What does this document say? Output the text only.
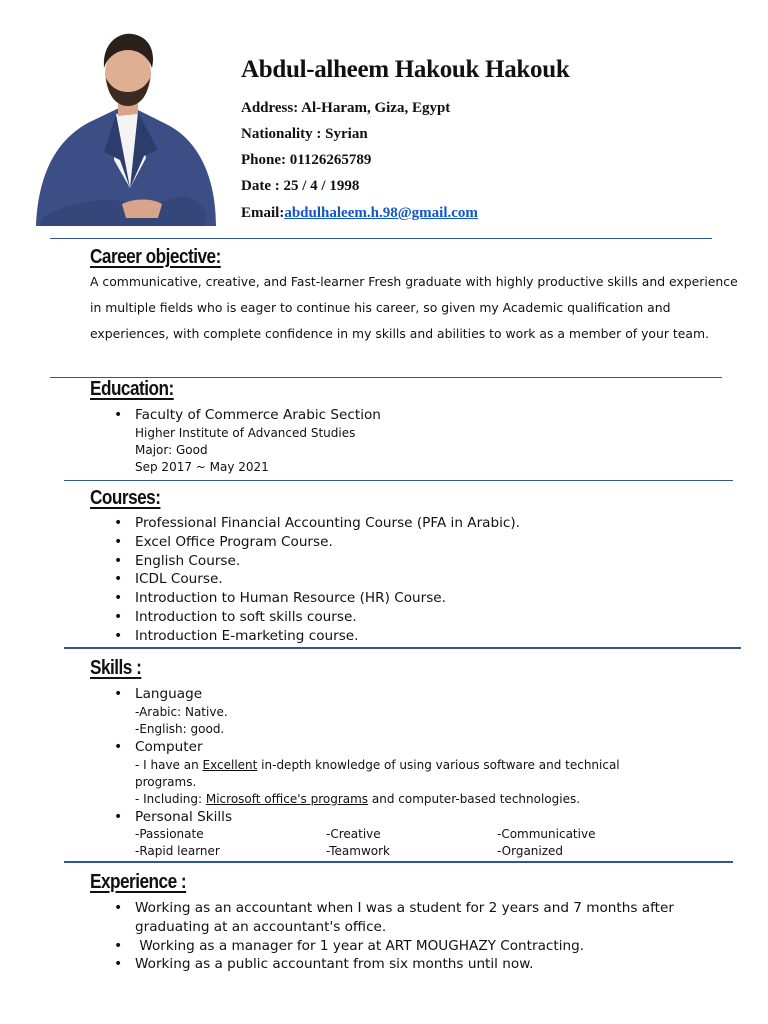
Abdul-alheem Hakouk Hakouk
Address: Al-Haram, Giza, Egypt
Nationality : Syrian
Phone: 01126265789
Date : 25 / 4 / 1998
Email:abdulhaleem.h.98@gmail.com
Career objective:
A communicative, creative, and Fast-learner Fresh graduate with highly productive skills and experience in multiple fields who is eager to continue his career, so given my Academic qualification and experiences, with complete confidence in my skills and abilities to work as a member of your team.
Education:
• Faculty of Commerce Arabic Section
Higher Institute of Advanced Studies
Major: Good
Sep 2017 ~ May 2021
Courses:
• Professional Financial Accounting Course (PFA in Arabic).
• Excel Office Program Course.
• English Course.
• ICDL Course.
• Introduction to Human Resource (HR) Course.
• Introduction to soft skills course.
• Introduction E-marketing course.
Skills :
• Language
-Arabic: Native.
-English: good.
• Computer
- I have an Excellent in-depth knowledge of using various software and technical programs.
- Including: Microsoft office's programs and computer-based technologies.
• Personal Skills
-Passionate	-Creative	-Communicative
-Rapid learner	-Teamwork	-Organized
Experience :
• Working as an accountant when I was a student for 2 years and 7 months after graduating at an accountant's office.
•  Working as a manager for 1 year at ART MOUGHAZY Contracting.
• Working as a public accountant from six months until now.
